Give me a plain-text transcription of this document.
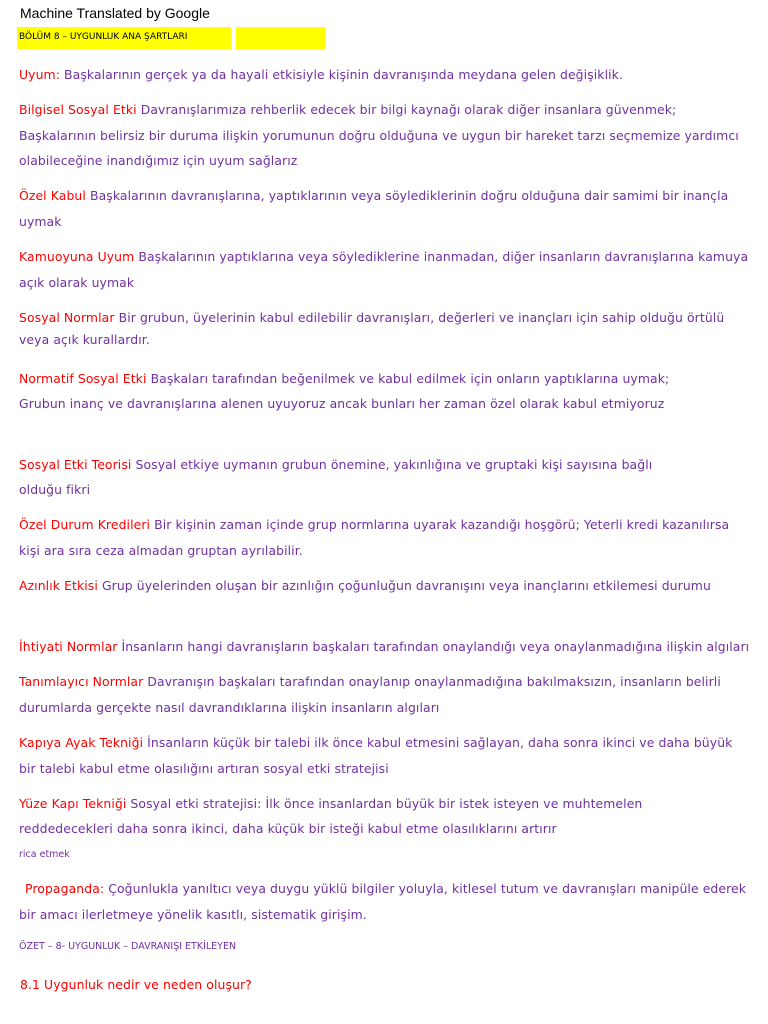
Machine Translated by Google
BÖLÜM 8 – UYGUNLUK ANA ŞARTLARI
Uyum: Başkalarının gerçek ya da hayali etkisiyle kişinin davranışında meydana gelen değişiklik.
Bilgisel Sosyal Etki Davranışlarımıza rehberlik edecek bir bilgi kaynağı olarak diğer insanlara güvenmek;
Başkalarının belirsiz bir duruma ilişkin yorumunun doğru olduğuna ve uygun bir hareket tarzı seçmemize yardımcı
olabileceğine inandığımız için uyum sağlarız
Özel Kabul Başkalarının davranışlarına, yaptıklarının veya söylediklerinin doğru olduğuna dair samimi bir inançla
uymak
Kamuoyuna Uyum Başkalarının yaptıklarına veya söylediklerine inanmadan, diğer insanların davranışlarına kamuya
açık olarak uymak
Sosyal Normlar Bir grubun, üyelerinin kabul edilebilir davranışları, değerleri ve inançları için sahip olduğu örtülü
veya açık kurallardır.
Normatif Sosyal Etki Başkaları tarafından beğenilmek ve kabul edilmek için onların yaptıklarına uymak;
Grubun inanç ve davranışlarına alenen uyuyoruz ancak bunları her zaman özel olarak kabul etmiyoruz
Sosyal Etki Teorisi Sosyal etkiye uymanın grubun önemine, yakınlığına ve gruptaki kişi sayısına bağlı
olduğu fikri
Özel Durum Kredileri Bir kişinin zaman içinde grup normlarına uyarak kazandığı hoşgörü; Yeterli kredi kazanılırsa
kişi ara sıra ceza almadan gruptan ayrılabilir.
Azınlık Etkisi Grup üyelerinden oluşan bir azınlığın çoğunluğun davranışını veya inançlarını etkilemesi durumu
İhtiyati Normlar İnsanların hangi davranışların başkaları tarafından onaylandığı veya onaylanmadığına ilişkin algıları
Tanımlayıcı Normlar Davranışın başkaları tarafından onaylanıp onaylanmadığına bakılmaksızın, insanların belirli
durumlarda gerçekte nasıl davrandıklarına ilişkin insanların algıları
Kapıya Ayak Tekniği İnsanların küçük bir talebi ilk önce kabul etmesini sağlayan, daha sonra ikinci ve daha büyük
bir talebi kabul etme olasılığını artıran sosyal etki stratejisi
Yüze Kapı Tekniği Sosyal etki stratejisi: İlk önce insanlardan büyük bir istek isteyen ve muhtemelen
reddedecekleri daha sonra ikinci, daha küçük bir isteği kabul etme olasılıklarını artırır
rica etmek
Propaganda: Çoğunlukla yanıltıcı veya duygu yüklü bilgiler yoluyla, kitlesel tutum ve davranışları manipüle ederek
bir amacı ilerletmeye yönelik kasıtlı, sistematik girişim.
ÖZET – 8- UYGUNLUK – DAVRANIŞI ETKİLEYEN
8.1 Uygunluk nedir ve neden oluşur?
